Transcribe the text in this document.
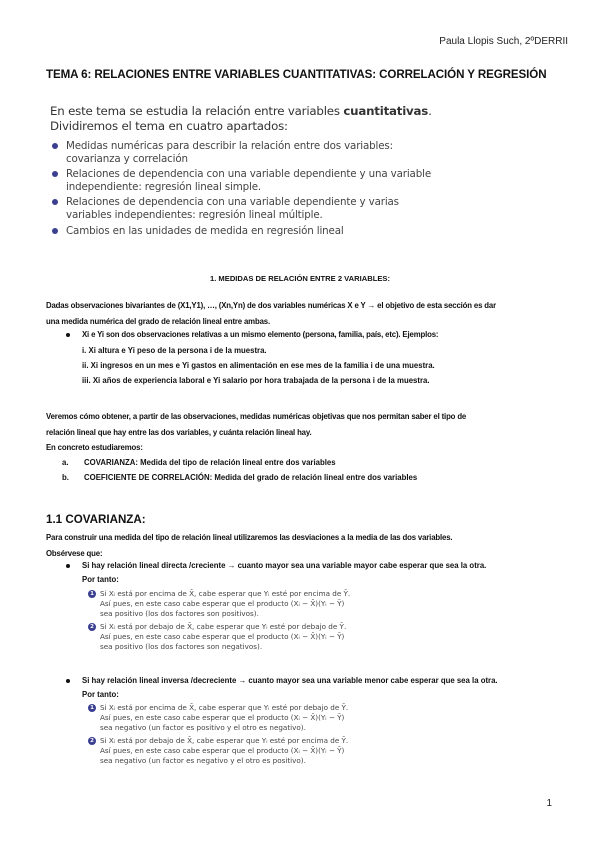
Paula Llopis Such, 2ºDERRII
TEMA 6: RELACIONES ENTRE VARIABLES CUANTITATIVAS: CORRELACIÓN Y REGRESIÓN
En este tema se estudia la relación entre variables cuantitativas.
Dividiremos el tema en cuatro apartados:
Medidas numéricas para describir la relación entre dos variables:
covarianza y correlación
Relaciones de dependencia con una variable dependiente y una variable
independiente: regresión lineal simple.
Relaciones de dependencia con una variable dependiente y varias
variables independientes: regresión lineal múltiple.
Cambios en las unidades de medida en regresión lineal
1. MEDIDAS DE RELACIÓN ENTRE 2 VARIABLES:
Dadas observaciones bivariantes de (X1,Y1), …, (Xn,Yn) de dos variables numéricas X e Y → el objetivo de esta sección es dar
una medida numérica del grado de relación lineal entre ambas.
Xi e Yi son dos observaciones relativas a un mismo elemento (persona, familia, país, etc). Ejemplos:
i. Xi altura e Yi peso de la persona i de la muestra.
ii. Xi ingresos en un mes e Yi gastos en alimentación en ese mes de la familia i de una muestra.
iii. Xi años de experiencia laboral e Yi salario por hora trabajada de la persona i de la muestra.
Veremos cómo obtener, a partir de las observaciones, medidas numéricas objetivas que nos permitan saber el tipo de
relación lineal que hay entre las dos variables, y cuánta relación lineal hay.
En concreto estudiaremos:
a. COVARIANZA: Medida del tipo de relación lineal entre dos variables
b. COEFICIENTE DE CORRELACIÓN: Medida del grado de relación lineal entre dos variables
1.1 COVARIANZA:
Para construir una medida del tipo de relación lineal utilizaremos las desviaciones a la media de las dos variables.
Obsérvese que:
Si hay relación lineal directa /creciente → cuanto mayor sea una variable mayor cabe esperar que sea la otra.
Por tanto:
1 Si Xᵢ está por encima de X̄, cabe esperar que Yᵢ esté por encima de Ȳ.
Así pues, en este caso cabe esperar que el producto (Xᵢ − X̄)(Yᵢ − Ȳ)
sea positivo (los dos factores son positivos).
2 Si Xᵢ está por debajo de X̄, cabe esperar que Yᵢ esté por debajo de Ȳ.
Así pues, en este caso cabe esperar que el producto (Xᵢ − X̄)(Yᵢ − Ȳ)
sea positivo (los dos factores son negativos).
Si hay relación lineal inversa /decreciente → cuanto mayor sea una variable menor cabe esperar que sea la otra.
Por tanto:
1 Si Xᵢ está por encima de X̄, cabe esperar que Yᵢ esté por debajo de Ȳ.
Así pues, en este caso cabe esperar que el producto (Xᵢ − X̄)(Yᵢ − Ȳ)
sea negativo (un factor es positivo y el otro es negativo).
2 Si Xᵢ está por debajo de X̄, cabe esperar que Yᵢ esté por encima de Ȳ.
Así pues, en este caso cabe esperar que el producto (Xᵢ − X̄)(Yᵢ − Ȳ)
sea negativo (un factor es negativo y el otro es positivo).
1
